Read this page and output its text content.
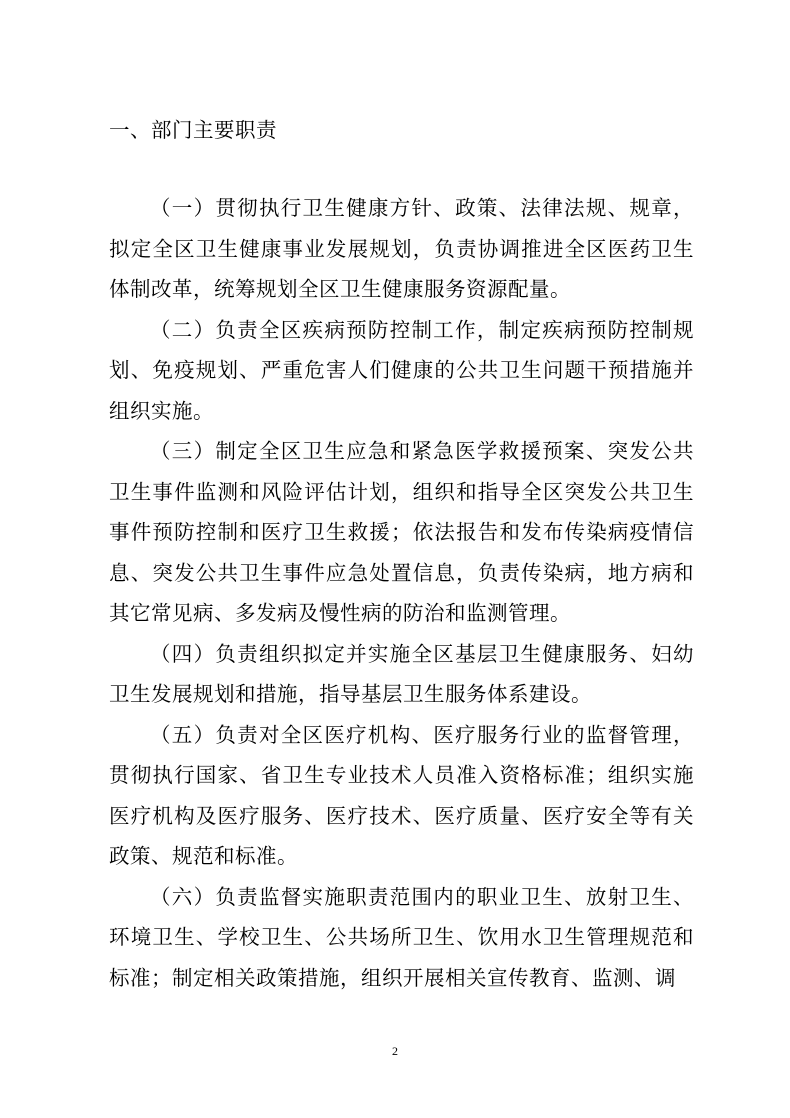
一、部门主要职责

（一）贯彻执行卫生健康方针、政策、法律法规、规章，拟定全区卫生健康事业发展规划，负责协调推进全区医药卫生体制改革，统筹规划全区卫生健康服务资源配量。

（二）负责全区疾病预防控制工作，制定疾病预防控制规划、免疫规划、严重危害人们健康的公共卫生问题干预措施并组织实施。

（三）制定全区卫生应急和紧急医学救援预案、突发公共卫生事件监测和风险评估计划，组织和指导全区突发公共卫生事件预防控制和医疗卫生救援；依法报告和发布传染病疫情信息、突发公共卫生事件应急处置信息，负责传染病，地方病和其它常见病、多发病及慢性病的防治和监测管理。

（四）负责组织拟定并实施全区基层卫生健康服务、妇幼卫生发展规划和措施，指导基层卫生服务体系建设。

（五）负责对全区医疗机构、医疗服务行业的监督管理，贯彻执行国家、省卫生专业技术人员准入资格标准；组织实施医疗机构及医疗服务、医疗技术、医疗质量、医疗安全等有关政策、规范和标准。

（六）负责监督实施职责范围内的职业卫生、放射卫生、环境卫生、学校卫生、公共场所卫生、饮用水卫生管理规范和标准；制定相关政策措施，组织开展相关宣传教育、监测、调

2
